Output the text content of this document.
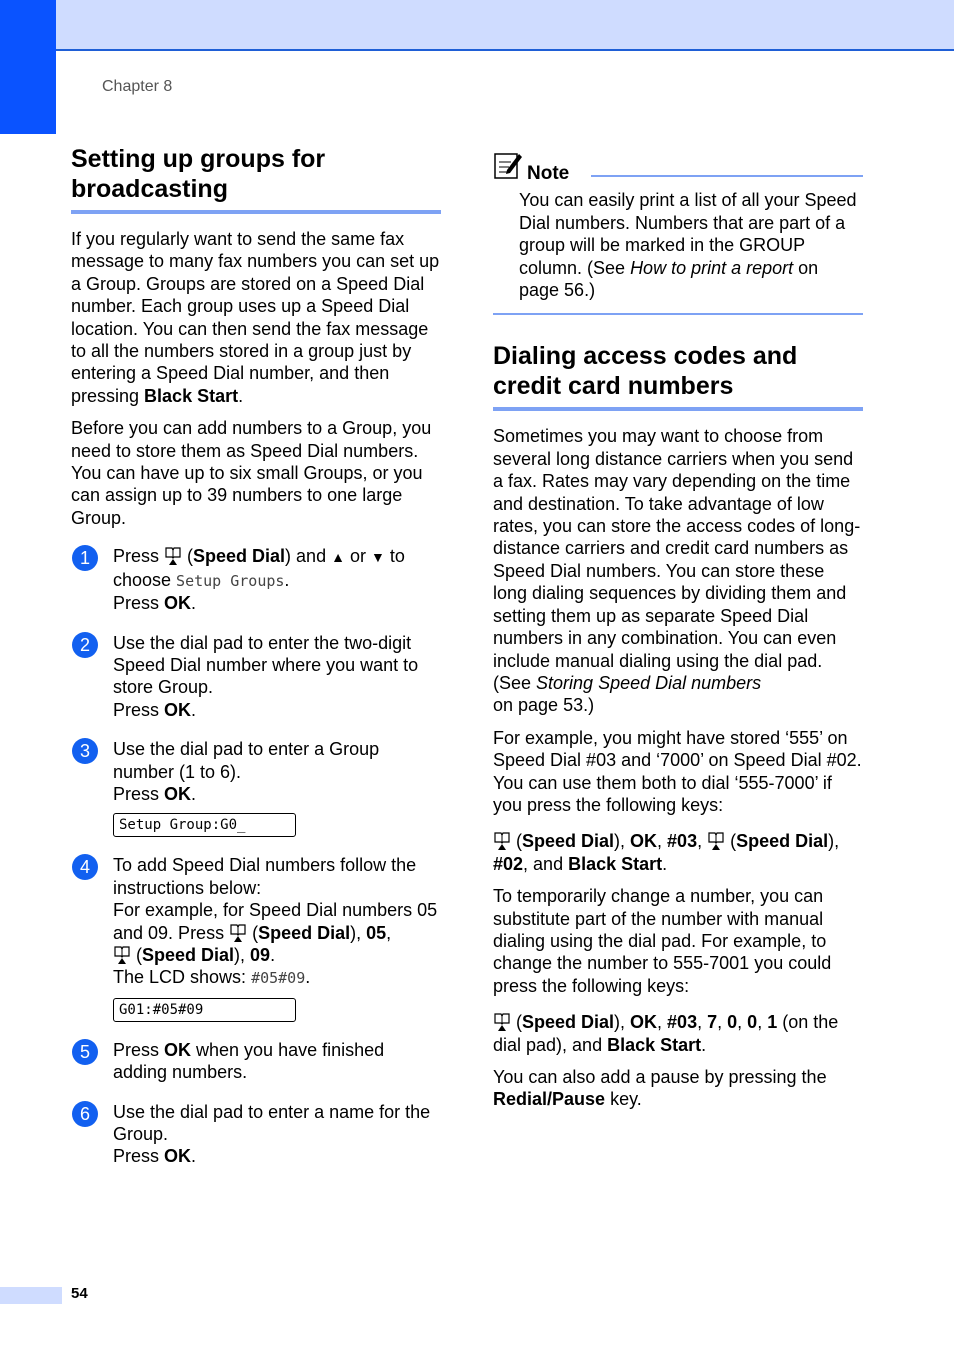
Chapter 8
Setting up groups for broadcasting

If you regularly want to send the same fax message to many fax numbers you can set up a Group. Groups are stored on a Speed Dial number. Each group uses up a Speed Dial location. You can then send the fax message to all the numbers stored in a group just by entering a Speed Dial number, and then pressing Black Start.

Before you can add numbers to a Group, you need to store them as Speed Dial numbers. You can have up to six small Groups, or you can assign up to 39 numbers to one large Group.

1	Press  (Speed Dial) and ▲ or ▼ to choose Setup Groups.
Press OK.

2	Use the dial pad to enter the two-digit Speed Dial number where you want to store Group.
Press OK.

3	Use the dial pad to enter a Group number (1 to 6).
Press OK.

Setup Group:G0_
4	To add Speed Dial numbers follow the instructions below:
For example, for Speed Dial numbers 05 and 09. Press  (Speed Dial), 05,
(Speed Dial), 09.
The LCD shows: #05#09.

G01:#05#09
5	Press OK when you have finished adding numbers.

6	Use the dial pad to enter a name for the Group.
Press OK.

Note

You can easily print a list of all your Speed Dial numbers. Numbers that are part of a group will be marked in the GROUP column. (See How to print a report on page 56.)

Dialing access codes and credit card numbers

Sometimes you may want to choose from several long distance carriers when you send a fax. Rates may vary depending on the time and destination. To take advantage of low rates, you can store the access codes of long-distance carriers and credit card numbers as Speed Dial numbers. You can store these long dialing sequences by dividing them and setting them up as separate Speed Dial numbers in any combination. You can even include manual dialing using the dial pad. (See Storing Speed Dial numbers
on page 53.)

For example, you might have stored ‘555’ on Speed Dial #03 and ‘7000’ on Speed Dial #02. You can use them both to dial ‘555-7000’ if you press the following keys:

(Speed Dial), OK, #03,  (Speed Dial), #02, and Black Start.

To temporarily change a number, you can substitute part of the number with manual dialing using the dial pad. For example, to change the number to 555-7001 you could press the following keys:

(Speed Dial), OK, #03, 7, 0, 0, 1 (on the dial pad), and Black Start.

You can also add a pause by pressing the Redial/Pause key.

54
